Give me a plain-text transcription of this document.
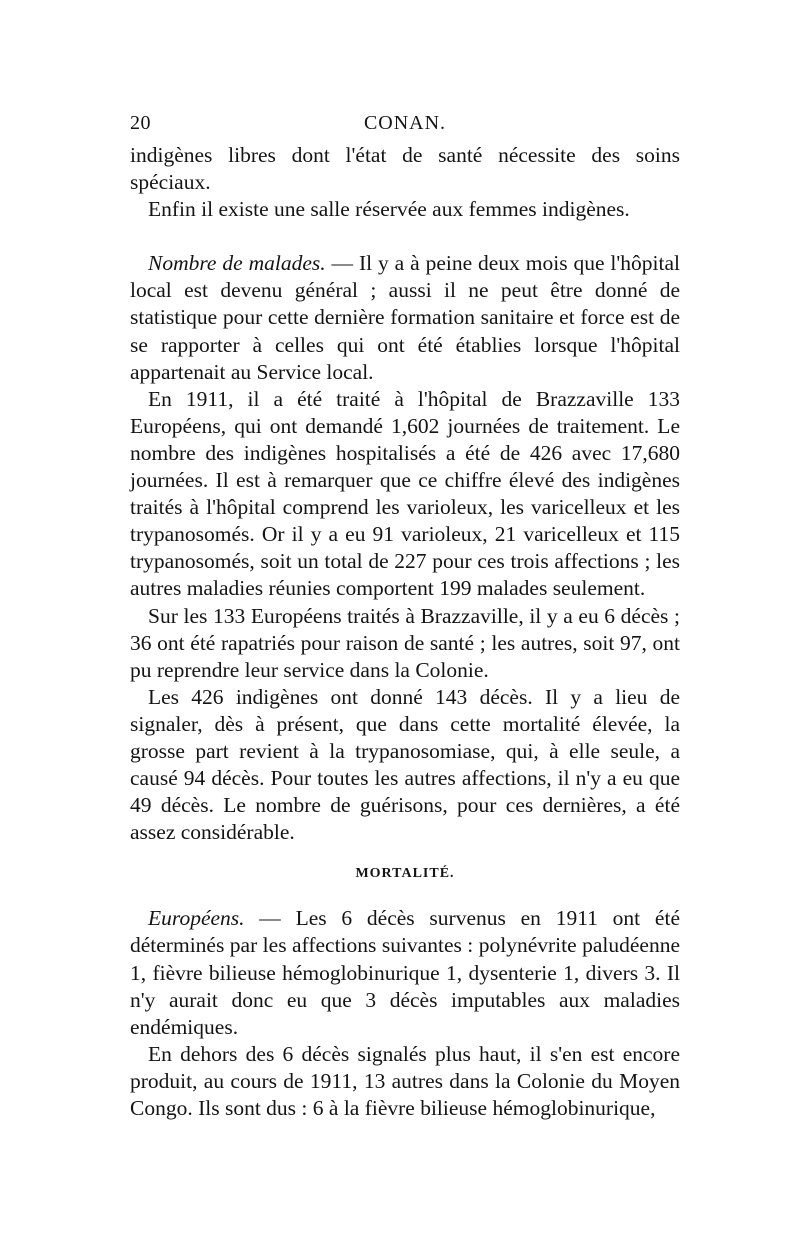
20	CONAN.

indigènes libres dont l'état de santé nécessite des soins spéciaux.

Enfin il existe une salle réservée aux femmes indigènes.

Nombre de malades. — Il y a à peine deux mois que l'hôpital local est devenu général ; aussi il ne peut être donné de statistique pour cette dernière formation sanitaire et force est de se rapporter à celles qui ont été établies lorsque l'hôpital appartenait au Service local.

En 1911, il a été traité à l'hôpital de Brazzaville 133 Européens, qui ont demandé 1,602 journées de traitement. Le nombre des indigènes hospitalisés a été de 426 avec 17,680 journées. Il est à remarquer que ce chiffre élevé des indigènes traités à l'hôpital comprend les varioleux, les varicelleux et les trypanosomés. Or il y a eu 91 varioleux, 21 varicelleux et 115 trypanosomés, soit un total de 227 pour ces trois affections ; les autres maladies réunies comportent 199 malades seulement.

Sur les 133 Européens traités à Brazzaville, il y a eu 6 décès ; 36 ont été rapatriés pour raison de santé ; les autres, soit 97, ont pu reprendre leur service dans la Colonie.

Les 426 indigènes ont donné 143 décès. Il y a lieu de signaler, dès à présent, que dans cette mortalité élevée, la grosse part revient à la trypanosomiase, qui, à elle seule, a causé 94 décès. Pour toutes les autres affections, il n'y a eu que 49 décès. Le nombre de guérisons, pour ces dernières, a été assez considérable.

MORTALITÉ.

Européens. — Les 6 décès survenus en 1911 ont été déterminés par les affections suivantes : polynévrite paludéenne 1, fièvre bilieuse hémoglobinurique 1, dysenterie 1, divers 3. Il n'y aurait donc eu que 3 décès imputables aux maladies endémiques.

En dehors des 6 décès signalés plus haut, il s'en est encore produit, au cours de 1911, 13 autres dans la Colonie du Moyen Congo. Ils sont dus : 6 à la fièvre bilieuse hémoglobinurique,
